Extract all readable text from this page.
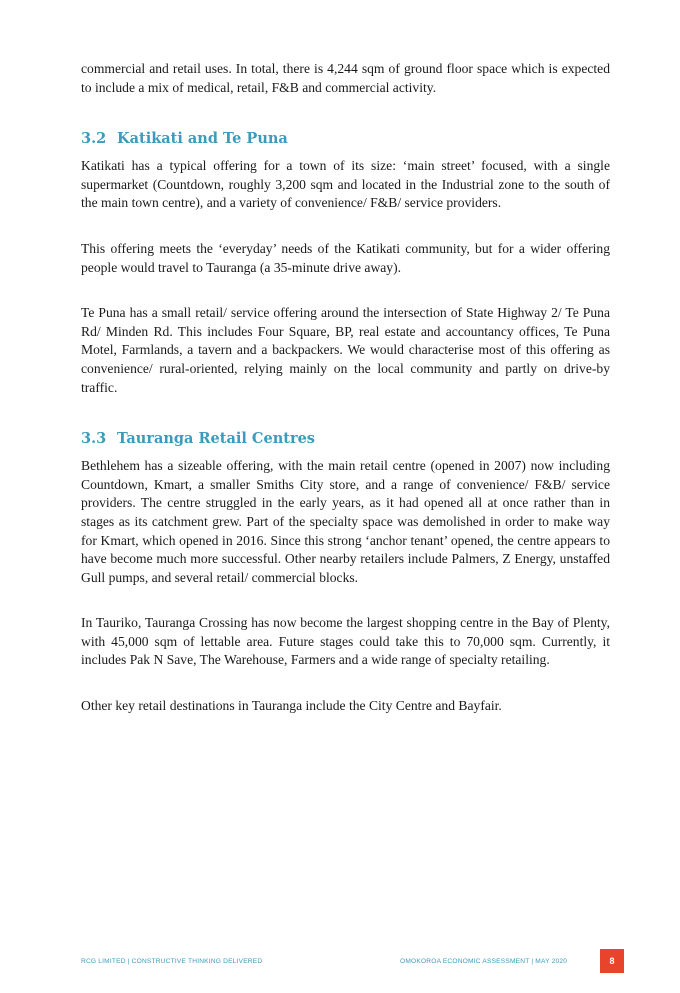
commercial and retail uses. In total, there is 4,244 sqm of ground floor space which is expected to include a mix of medical, retail, F&B and commercial activity.

3.2 Katikati and Te Puna

Katikati has a typical offering for a town of its size: ‘main street’ focused, with a single supermarket (Countdown, roughly 3,200 sqm and located in the Industrial zone to the south of the main town centre), and a variety of convenience/ F&B/ service providers.

This offering meets the ‘everyday’ needs of the Katikati community, but for a wider offering people would travel to Tauranga (a 35-minute drive away).

Te Puna has a small retail/ service offering around the intersection of State Highway 2/ Te Puna Rd/ Minden Rd. This includes Four Square, BP, real estate and accountancy offices, Te Puna Motel, Farmlands, a tavern and a backpackers. We would characterise most of this offering as convenience/ rural-oriented, relying mainly on the local community and partly on drive-by traffic.

3.3 Tauranga Retail Centres

Bethlehem has a sizeable offering, with the main retail centre (opened in 2007) now including Countdown, Kmart, a smaller Smiths City store, and a range of convenience/ F&B/ service providers. The centre struggled in the early years, as it had opened all at once rather than in stages as its catchment grew. Part of the specialty space was demolished in order to make way for Kmart, which opened in 2016. Since this strong ‘anchor tenant’ opened, the centre appears to have become much more successful. Other nearby retailers include Palmers, Z Energy, unstaffed Gull pumps, and several retail/ commercial blocks.

In Tauriko, Tauranga Crossing has now become the largest shopping centre in the Bay of Plenty, with 45,000 sqm of lettable area. Future stages could take this to 70,000 sqm. Currently, it includes Pak N Save, The Warehouse, Farmers and a wide range of specialty retailing.

Other key retail destinations in Tauranga include the City Centre and Bayfair.

RCG LIMITED | CONSTRUCTIVE THINKING DELIVERED	OMOKOROA ECONOMIC ASSESSMENT | MAY 2020	8
